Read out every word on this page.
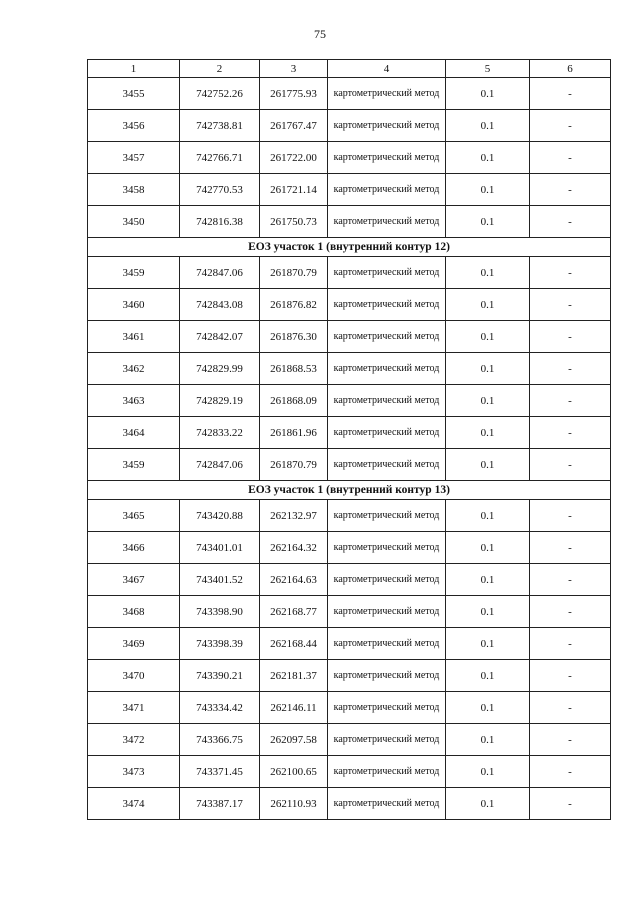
75
1	2	3	4	5	6
3455	742752.26	261775.93	картометрический метод	0.1	-
3456	742738.81	261767.47	картометрический метод	0.1	-
3457	742766.71	261722.00	картометрический метод	0.1	-
3458	742770.53	261721.14	картометрический метод	0.1	-
3450	742816.38	261750.73	картометрический метод	0.1	-
ЕОЗ участок 1 (внутренний контур 12)					
3459	742847.06	261870.79	картометрический метод	0.1	-
3460	742843.08	261876.82	картометрический метод	0.1	-
3461	742842.07	261876.30	картометрический метод	0.1	-
3462	742829.99	261868.53	картометрический метод	0.1	-
3463	742829.19	261868.09	картометрический метод	0.1	-
3464	742833.22	261861.96	картометрический метод	0.1	-
3459	742847.06	261870.79	картометрический метод	0.1	-
ЕОЗ участок 1 (внутренний контур 13)					
3465	743420.88	262132.97	картометрический метод	0.1	-
3466	743401.01	262164.32	картометрический метод	0.1	-
3467	743401.52	262164.63	картометрический метод	0.1	-
3468	743398.90	262168.77	картометрический метод	0.1	-
3469	743398.39	262168.44	картометрический метод	0.1	-
3470	743390.21	262181.37	картометрический метод	0.1	-
3471	743334.42	262146.11	картометрический метод	0.1	-
3472	743366.75	262097.58	картометрический метод	0.1	-
3473	743371.45	262100.65	картометрический метод	0.1	-
3474	743387.17	262110.93	картометрический метод	0.1	-
